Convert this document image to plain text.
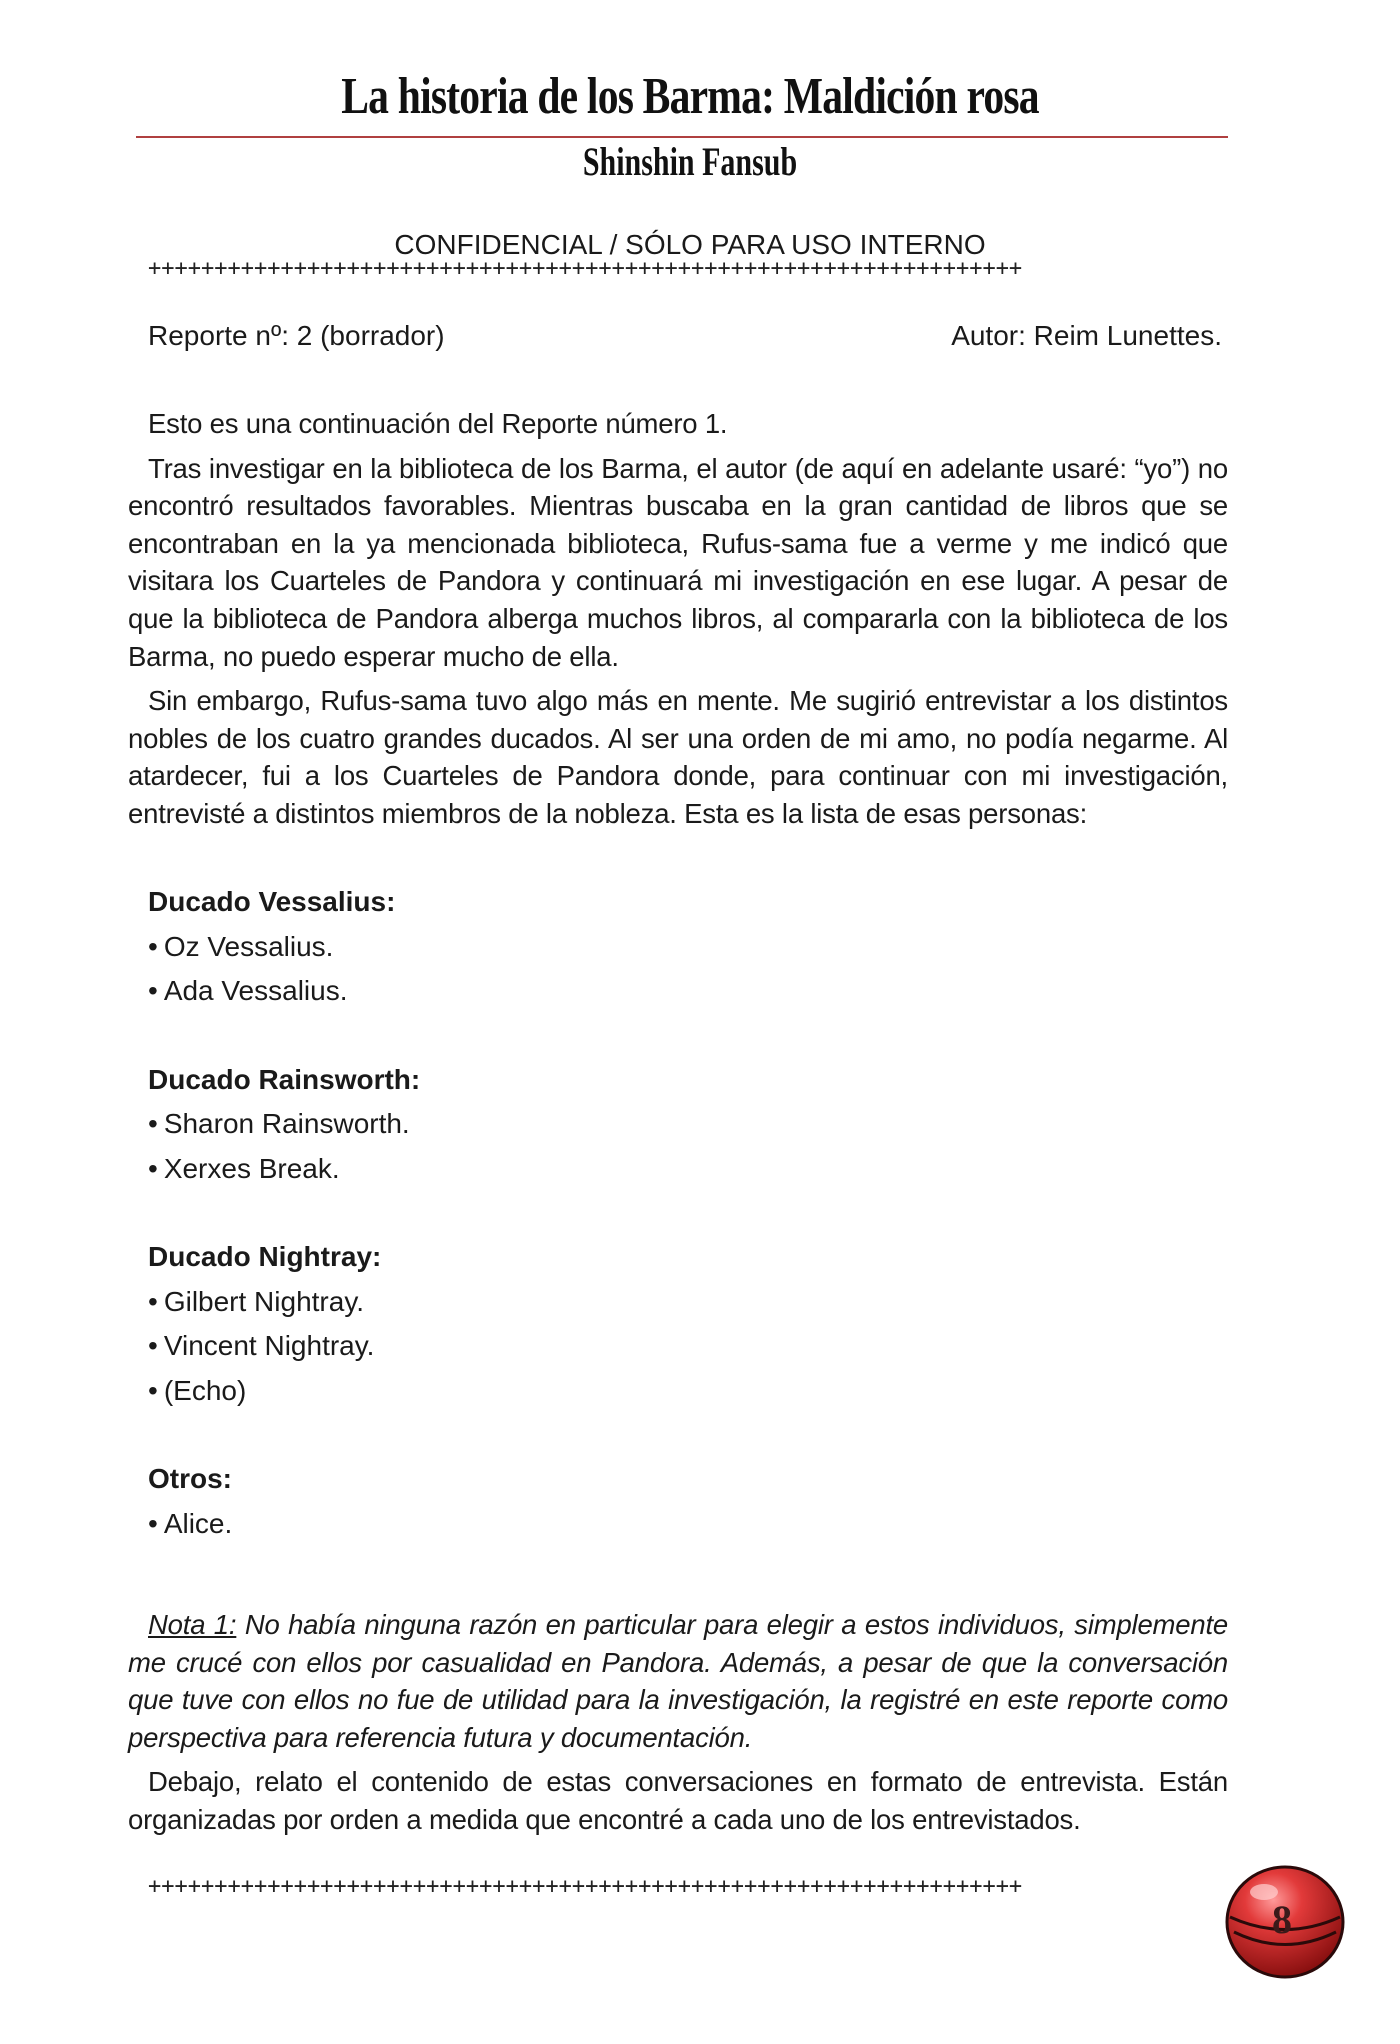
La historia de los Barma: Maldición rosa
Shinshin Fansub
CONFIDENCIAL / SÓLO PARA USO INTERNO
++++++++++++++++++++++++++++++++++++++++++++++++++++++++++++++++++
Reporte nº: 2 (borrador)	Autor: Reim Lunettes.

Esto es una continuación del Reporte número 1.

Tras investigar en la biblioteca de los Barma, el autor (de aquí en adelante usaré: “yo”) no encontró resultados favorables. Mientras buscaba en la gran cantidad de libros que se encontraban en la ya mencionada biblioteca, Rufus-sama fue a verme y me indicó que visitara los Cuarteles de Pandora y continuará mi investigación en ese lugar. A pesar de que la biblioteca de Pandora alberga muchos libros, al compararla con la biblioteca de los Barma, no puedo esperar mucho de ella.

Sin embargo, Rufus-sama tuvo algo más en mente. Me sugirió entrevistar a los distintos nobles de los cuatro grandes ducados. Al ser una orden de mi amo, no podía negarme. Al atardecer, fui a los Cuarteles de Pandora donde, para continuar con mi investigación, entrevisté a distintos miembros de la nobleza. Esta es la lista de esas personas:

Ducado Vessalius:
• Oz Vessalius.
• Ada Vessalius.
Ducado Rainsworth:
• Sharon Rainsworth.
• Xerxes Break.
Ducado Nightray:
• Gilbert Nightray.
• Vincent Nightray.
• (Echo)
Otros:
• Alice.

Nota 1: No había ninguna razón en particular para elegir a estos individuos, simplemente me crucé con ellos por casualidad en Pandora. Además, a pesar de que la conversación que tuve con ellos no fue de utilidad para la investigación, la registré en este reporte como perspectiva para referencia futura y documentación.

Debajo, relato el contenido de estas conversaciones en formato de entrevista. Están organizadas por orden a medida que encontré a cada uno de los entrevistados.

++++++++++++++++++++++++++++++++++++++++++++++++++++++++++++++++++
8
